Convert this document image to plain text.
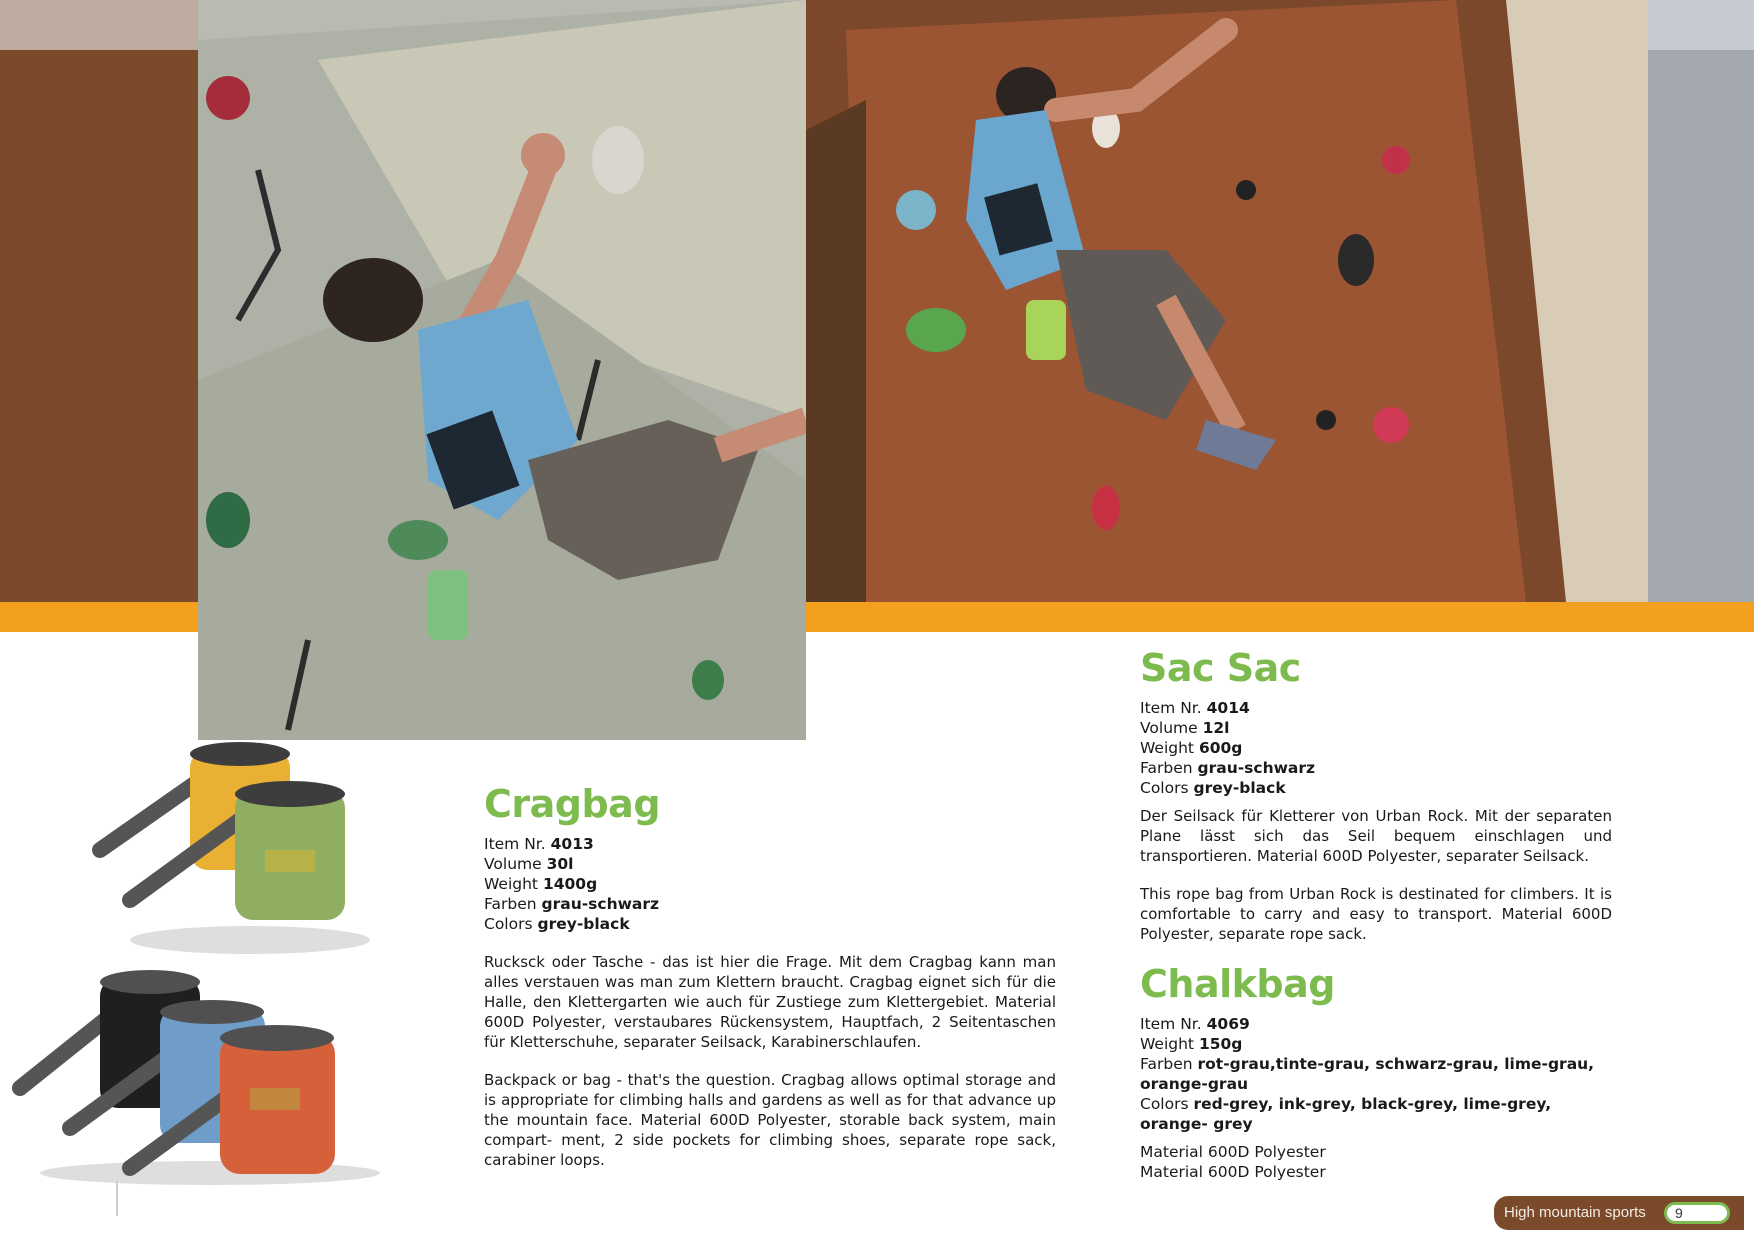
Sac Sac

Item Nr. 4014

Volume 12l

Weight 600g

Farben grau-schwarz

Colors grey-black

Der Seilsack für Kletterer von Urban Rock. Mit der separaten Plane lässt sich das Seil bequem einschlagen und transportieren. Material 600D Polyester, separater Seilsack.

This rope bag from Urban Rock is destinated for climbers. It is comfortable to carry and easy to transport. Material 600D Polyester, separate rope sack.

Cragbag

Item Nr. 4013

Volume 30l

Weight 1400g

Farben grau-schwarz

Colors grey-black

Rucksck oder Tasche - das ist hier die Frage. Mit dem Cragbag kann man alles verstauen was man zum Klettern braucht. Cragbag eignet sich für die Halle, den Klettergarten wie auch für Zustiege zum Klettergebiet. Material 600D Polyester, verstaubares Rückensystem, Hauptfach, 2 Seitentaschen für Kletterschuhe, separater Seilsack, Karabinerschlaufen.

Backpack or bag - that's the question. Cragbag allows optimal storage and is appropriate for climbing halls and gardens as well as for that advance up the mountain face. Material 600D Polyester, storable back system, main compart- ment, 2 side pockets for climbing shoes, separate rope sack, carabiner loops.

Chalkbag

Item Nr. 4069

Weight 150g

Farben rot-grau,tinte-grau, schwarz-grau, lime-grau, orange-grau

Colors red-grey, ink-grey, black-grey, lime-grey, orange- grey

Material 600D Polyester

Material 600D Polyester

High mountain sports 9
